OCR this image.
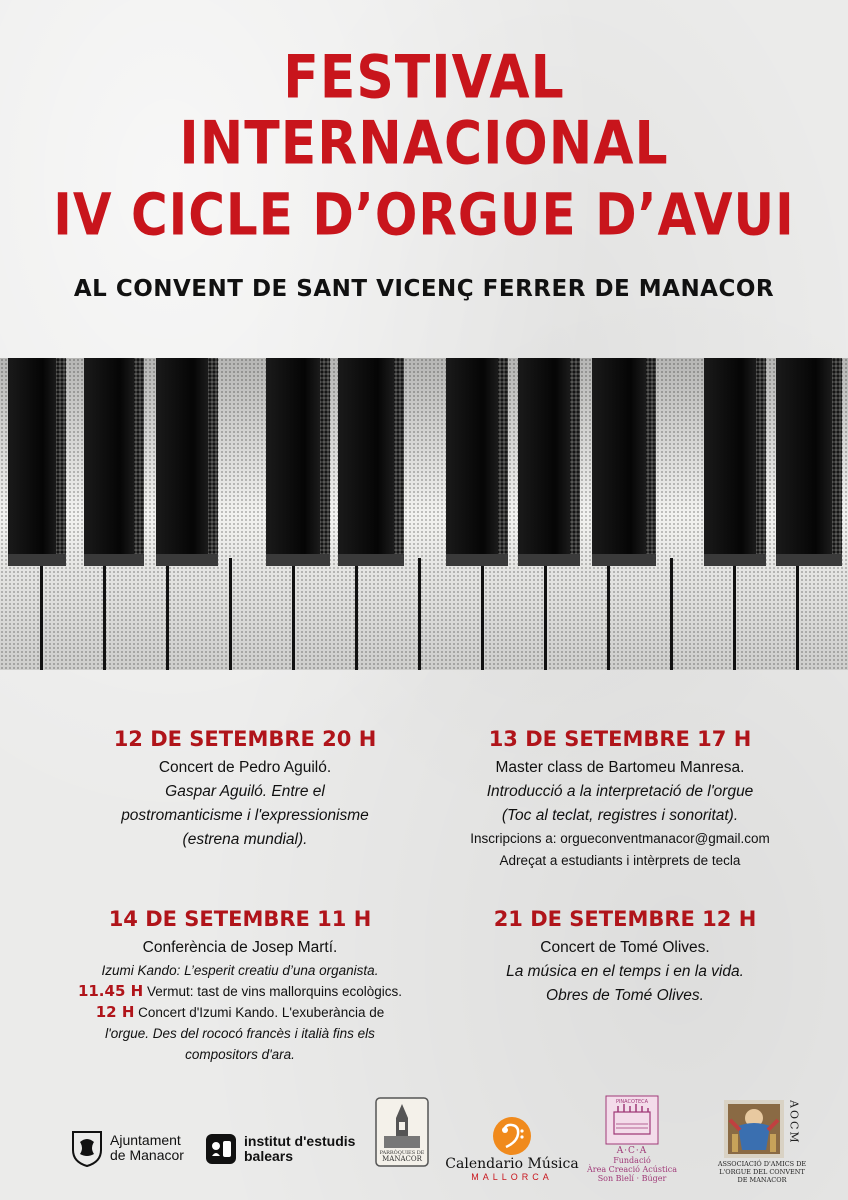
FESTIVAL
INTERNACIONAL
IV CICLE D’ORGUE D’AVUI
AL CONVENT DE SANT VICENÇ FERRER DE MANACOR
12 DE SETEMBRE 20 H
Concert de Pedro Aguiló.
Gaspar Aguiló. Entre el
postromanticisme i l'expressionisme
(estrena mundial).
13 DE SETEMBRE 17 H
Master class de Bartomeu Manresa.
Introducció a la interpretació de l'orgue
(Toc al teclat, registres i sonoritat).
Inscripcions a: orgueconventmanacor@gmail.com
Adreçat a estudiants i intèrprets de tecla
14 DE SETEMBRE 11 H
Conferència de Josep Martí.
Izumi Kando: L’esperit creatiu d’una organista.
11.45 H Vermut: tast de vins mallorquins ecològics.
12 H Concert d'Izumi Kando. L'exuberància de
l'orgue. Des del rococó francès i italià fins els
compositors d'ara.
21 DE SETEMBRE 12 H
Concert de Tomé Olives.
La música en el temps i en la vida.
Obres de Tomé Olives.
Ajuntament
de Manacor
institut d'estudis
balears	PARRÒQUIES DE
MANACOR Calendario Música
MALLORCA
PINACOTECA
A·C·A
Fundació
Àrea Creació Acústica
Son Bielí · Búger
AOCM
ASSOCIACIÓ D'AMICS DE
L'ORGUE DEL CONVENT
DE MANACOR
